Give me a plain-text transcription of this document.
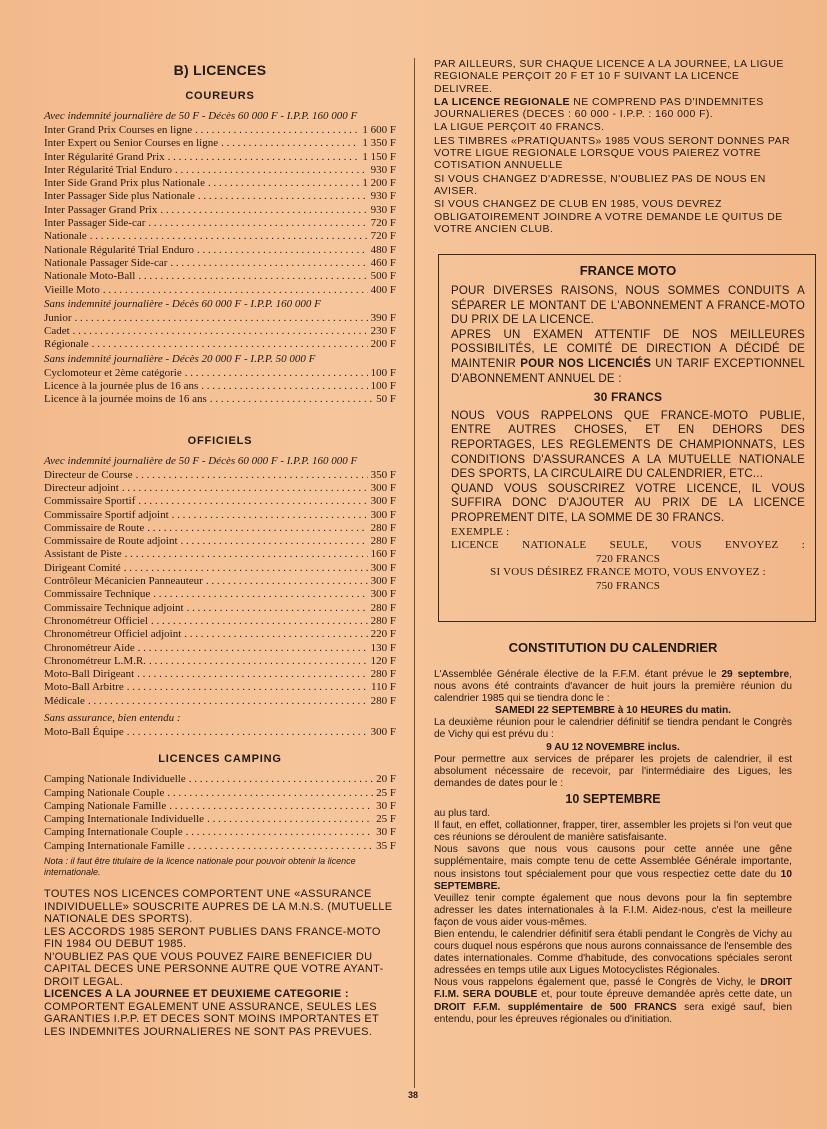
B) LICENCES
COUREURS
Avec indemnité journalière de 50 F - Décès 60 000 F - I.P.P. 160 000 F
Inter Grand Prix Courses en ligne . . .	1 600 F
Inter Expert ou Senior Courses en ligne . . .	1 350 F
Inter Régularité Grand Prix . . .	1 150 F
Inter Régularité Trial Enduro . . .	930 F
Inter Side Grand Prix plus Nationale . . .	1 200 F
Inter Passager Side plus Nationale . . .	930 F
Inter Passager Grand Prix . . .	930 F
Inter Passager Side-car . . .	720 F
Nationale . . .	720 F
Nationale Régularité Trial Enduro . . .	480 F
Nationale Passager Side-car . . .	460 F
Nationale Moto-Ball . . .	500 F
Vieille Moto . . .	400 F
Sans indemnité journalière - Décès 60 000 F - I.P.P. 160 000 F
Junior . . .	390 F
Cadet . . .	230 F
Régionale . . .	200 F
Sans indemnité journalière - Décès 20 000 F - I.P.P. 50 000 F
Cyclomoteur et 2ème catégorie . . .	100 F
Licence à la journée plus de 16 ans . . .	100 F
Licence à la journée moins de 16 ans . . .	50 F
OFFICIELS
Avec indemnité journalière de 50 F - Décès 60 000 F - I.P.P. 160 000 F
Directeur de Course . . .	350 F
Directeur adjoint . . .	300 F
Commissaire Sportif . . .	300 F
Commissaire Sportif adjoint . . .	300 F
Commissaire de Route . . .	280 F
Commissaire de Route adjoint . . .	280 F
Assistant de Piste . . .	160 F
Dirigeant Comité . . .	300 F
Contrôleur Mécanicien Panneauteur . . .	300 F
Commissaire Technique . . .	300 F
Commissaire Technique adjoint . . .	280 F
Chronométreur Officiel . . .	280 F
Chronométreur Officiel adjoint . . .	220 F
Chronométreur Aide . . .	130 F
Chronométreur L.M.R. . . .	120 F
Moto-Ball Dirigeant . . .	280 F
Moto-Ball Arbitre . . .	110 F
Médicale . . .	280 F
Sans assurance, bien entendu :
Moto-Ball Équipe . . .	300 F
LICENCES CAMPING
Camping Nationale Individuelle . . .	20 F
Camping Nationale Couple . . .	25 F
Camping Nationale Famille . . .	30 F
Camping Internationale Individuelle . . .	25 F
Camping Internationale Couple . . .	30 F
Camping Internationale Famille . . .	35 F
Nota : il faut être titulaire de la licence nationale pour pouvoir obtenir la licence internationale.

TOUTES NOS LICENCES COMPORTENT UNE «ASSURANCE INDIVIDUELLE» SOUSCRITE AUPRES DE LA M.N.S. (MUTUELLE NATIONALE DES SPORTS).

LES ACCORDS 1985 SERONT PUBLIES DANS FRANCE-MOTO FIN 1984 OU DEBUT 1985.

N'OUBLIEZ PAS QUE VOUS POUVEZ FAIRE BENEFICIER DU CAPITAL DECES UNE PERSONNE AUTRE QUE VOTRE AYANT-DROIT LEGAL.

LICENCES A LA JOURNEE ET DEUXIEME CATEGORIE : COMPORTENT EGALEMENT UNE ASSURANCE, SEULES LES GARANTIES I.P.P. ET DECES SONT MOINS IMPORTANTES ET LES INDEMNITES JOURNALIERES NE SONT PAS PREVUES.

PAR AILLEURS, SUR CHAQUE LICENCE A LA JOURNEE, LA LIGUE REGIONALE PERÇOIT 20 F ET 10 F SUIVANT LA LICENCE DELIVREE.

LA LICENCE REGIONALE NE COMPREND PAS D'INDEMNITES JOURNALIERES (DECES : 60 000 - I.P.P. : 160 000 F).

LA LIGUE PERÇOIT 40 FRANCS.

LES TIMBRES «PRATIQUANTS» 1985 VOUS SERONT DONNES PAR VOTRE LIGUE REGIONALE LORSQUE VOUS PAIEREZ VOTRE COTISATION ANNUELLE

SI VOUS CHANGEZ D'ADRESSE, N'OUBLIEZ PAS DE NOUS EN AVISER.

SI VOUS CHANGEZ DE CLUB EN 1985, VOUS DEVREZ OBLIGATOIREMENT JOINDRE A VOTRE DEMANDE LE QUITUS DE VOTRE ANCIEN CLUB.

FRANCE MOTO

POUR DIVERSES RAISONS, NOUS SOMMES CONDUITS A SÉPARER LE MONTANT DE L'ABONNEMENT A FRANCE-MOTO DU PRIX DE LA LICENCE.

APRES UN EXAMEN ATTENTIF DE NOS MEILLEURES POSSIBILITÉS, LE COMITÉ DE DIRECTION A DÉCIDÉ DE MAINTENIR POUR NOS LICENCIÉS UN TARIF EXCEPTIONNEL D'ABONNEMENT ANNUEL DE :

30 FRANCS

NOUS VOUS RAPPELONS QUE FRANCE-MOTO PUBLIE, ENTRE AUTRES CHOSES, ET EN DEHORS DES REPORTAGES, LES REGLEMENTS DE CHAMPIONNATS, LES CONDITIONS D'ASSURANCES A LA MUTUELLE NATIONALE DES SPORTS, LA CIRCULAIRE DU CALENDRIER, ETC...

QUAND VOUS SOUSCRIREZ VOTRE LICENCE, IL VOUS SUFFIRA DONC D'AJOUTER AU PRIX DE LA LICENCE PROPREMENT DITE, LA SOMME DE 30 FRANCS.

EXEMPLE :

LICENCE NATIONALE SEULE, VOUS ENVOYEZ :

720 FRANCS

SI VOUS DÉSIREZ FRANCE MOTO, VOUS ENVOYEZ :

750 FRANCS

CONSTITUTION DU CALENDRIER

L'Assemblée Générale élective de la F.F.M. étant prévue le 29 septembre, nous avons été contraints d'avancer de huit jours la première réunion du calendrier 1985 qui se tiendra donc le :

SAMEDI 22 SEPTEMBRE à 10 HEURES du matin.

La deuxième réunion pour le calendrier définitif se tiendra pendant le Congrès de Vichy qui est prévu du :

9 AU 12 NOVEMBRE inclus.

Pour permettre aux services de préparer les projets de calendrier, il est absolument nécessaire de recevoir, par l'intermédiaire des Ligues, les demandes de dates pour le :

10 SEPTEMBRE

au plus tard.

Il faut, en effet, collationner, frapper, tirer, assembler les projets si l'on veut que ces réunions se déroulent de manière satisfaisante.

Nous savons que nous vous causons pour cette année une gêne supplémentaire, mais compte tenu de cette Assemblée Générale importante, nous insistons tout spécialement pour que vous respectiez cette date du 10 SEPTEMBRE.

Veuillez tenir compte également que nous devons pour la fin septembre adresser les dates internationales à la F.I.M. Aidez-nous, c'est la meilleure façon de vous aider vous-mêmes.

Bien entendu, le calendrier définitif sera établi pendant le Congrès de Vichy au cours duquel nous espérons que nous aurons connaissance de l'ensemble des dates internationales. Comme d'habitude, des convocations spéciales seront adressées en temps utile aux Ligues Motocyclistes Régionales.

Nous vous rappelons également que, passé le Congrès de Vichy, le DROIT F.I.M. SERA DOUBLE et, pour toute épreuve demandée après cette date, un DROIT F.F.M. supplémentaire de 500 FRANCS sera exigé sauf, bien entendu, pour les épreuves régionales ou d'initiation.

38
